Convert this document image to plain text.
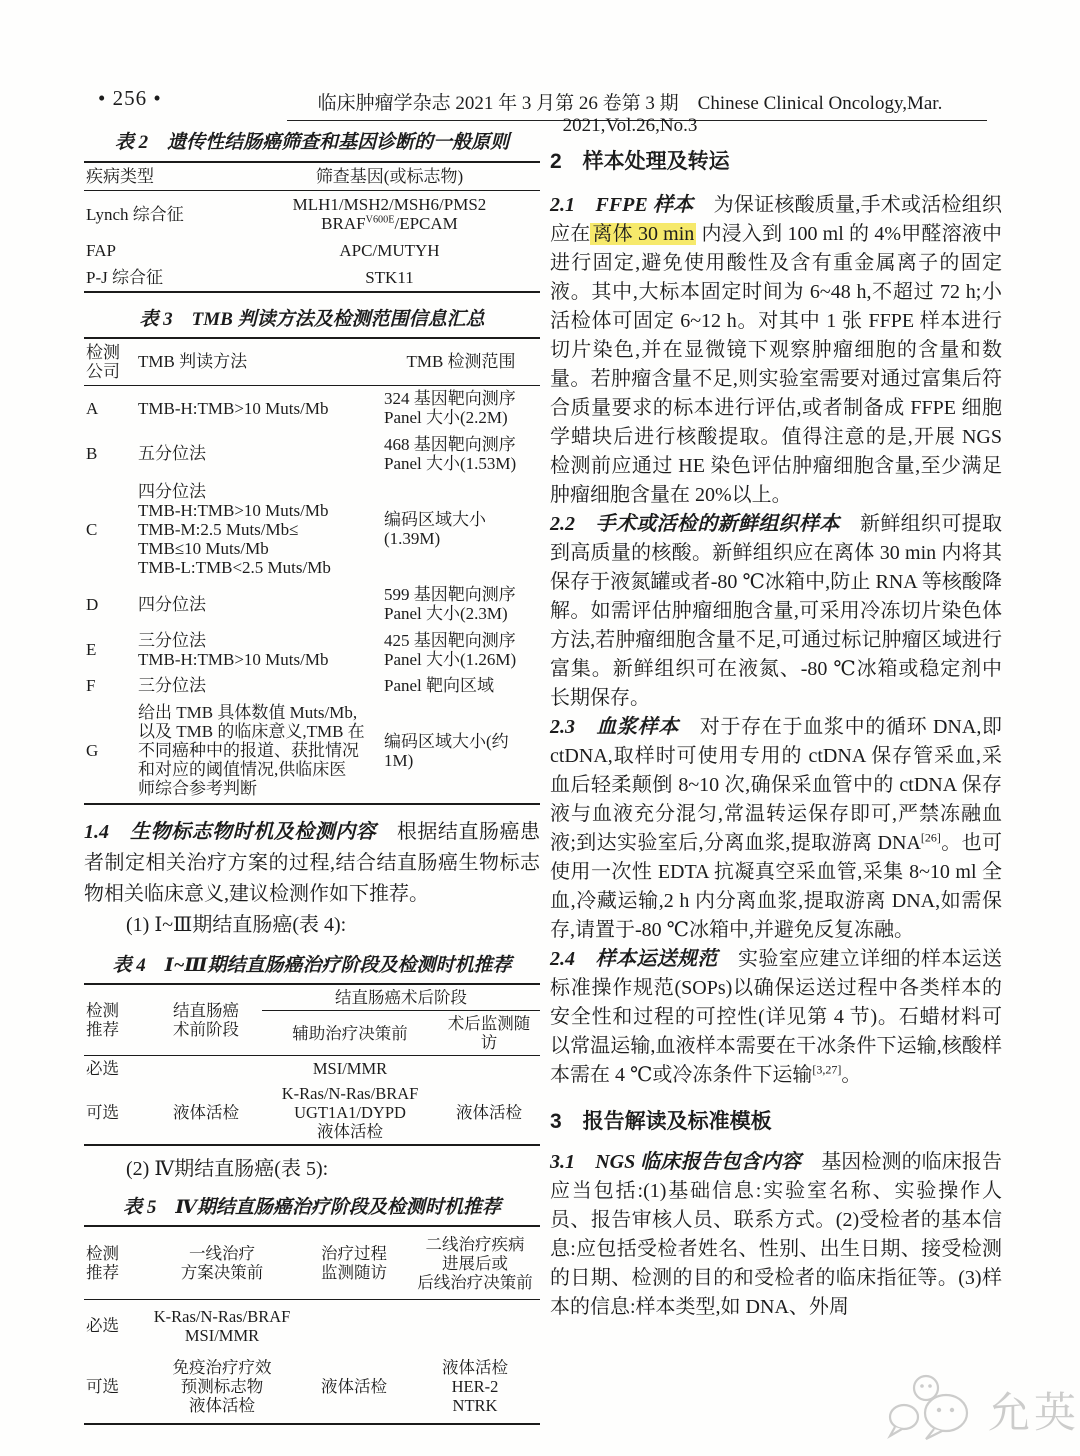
• 256 •	临床肿瘤学杂志 2021 年 3 月第 26 卷第 3 期　Chinese Clinical Oncology,Mar. 2021,Vol.26,No.3

表 2　遗传性结肠癌筛查和基因诊断的一般原则

疾病类型	筛查基因(或标志物)
Lynch 综合征	MLH1/MSH2/MSH6/PMS2
$BRAF^{V600E}$/EPCAM
FAP	APC/MUTYH
P-J 综合征	STK11

表 3　TMB 判读方法及检测范围信息汇总

检测
公司	TMB 判读方法	TMB 检测范围
A	TMB-H:TMB>10 Muts/Mb	324 基因靶向测序
Panel 大小(2.2M)
B	五分位法	468 基因靶向测序
Panel 大小(1.53M)
C	四分位法
TMB-H:TMB>10 Muts/Mb
TMB-M:2.5 Muts/Mb≤
TMB≤10 Muts/Mb
TMB-L:TMB<2.5 Muts/Mb	编码区域大小
(1.39M)
D	四分位法	599 基因靶向测序
Panel 大小(2.3M)
E	三分位法
TMB-H:TMB>10 Muts/Mb	425 基因靶向测序
Panel 大小(1.26M)
F	三分位法	Panel 靶向区域
G	给出 TMB 具体数值 Muts/Mb,
以及 TMB 的临床意义,TMB 在
不同癌种中的报道、获批情况
和对应的阈值情况,供临床医
师综合参考判断	编码区域大小(约 1M)

1.4　生物标志物时机及检测内容　根据结直肠癌患者制定相关治疗方案的过程,结合结直肠癌生物标志物相关临床意义,建议检测作如下推荐。

(1) Ⅰ~Ⅲ期结直肠癌(表 4):

表 4　Ⅰ~Ⅲ期结直肠癌治疗阶段及检测时机推荐

检测
推荐	结直肠癌
术前阶段	结直肠癌术后阶段	
		辅助治疗决策前	术后监测随访
必选		MSI/MMR	
可选	液体活检	K-Ras/N-Ras/BRAF
UGT1A1/DYPD
液体活检	液体活检

(2) Ⅳ期结直肠癌(表 5):

表 5　Ⅳ期结直肠癌治疗阶段及检测时机推荐

检测
推荐	一线治疗
方案决策前	治疗过程
监测随访	二线治疗疾病
进展后或
后线治疗决策前
必选	K-Ras/N-Ras/BRAF
MSI/MMR		
可选	免疫治疗疗效
预测标志物
液体活检	液体活检	液体活检
HER-2
NTRK
2　样本处理及转运

2.1　FFPE 样本　为保证核酸质量,手术或活检组织应在 离体 30 min 内浸入到 100 ml 的 4%甲醛溶液中进行固定,避免使用酸性及含有重金属离子的固定液。其中,大标本固定时间为 6~48 h,不超过 72 h;小活检体可固定 6~12 h。对其中 1 张 FFPE 样本进行切片染色,并在显微镜下观察肿瘤细胞的含量和数量。若肿瘤含量不足,则实验室需要对通过富集后符合质量要求的标本进行评估,或者制备成 FFPE 细胞学蜡块后进行核酸提取。值得注意的是,开展 NGS 检测前应通过 HE 染色评估肿瘤细胞含量,至少满足肿瘤细胞含量在 20%以上。

2.2　手术或活检的新鲜组织样本　新鲜组织可提取到高质量的核酸。新鲜组织应在离体 30 min 内将其保存于液氮罐或者-80 ℃冰箱中,防止 RNA 等核酸降解。如需评估肿瘤细胞含量,可采用冷冻切片染色体方法,若肿瘤细胞含量不足,可通过标记肿瘤区域进行富集。新鲜组织可在液氮、-80 ℃冰箱或稳定剂中长期保存。

2.3　血浆样本　对于存在于血浆中的循环 DNA,即 ctDNA,取样时可使用专用的 ctDNA 保存管采血,采血后轻柔颠倒 8~10 次,确保采血管中的 ctDNA 保存液与血液充分混匀,常温转运保存即可,严禁冻融血液;到达实验室后,分离血浆,提取游离 DNA[26]。也可使用一次性 EDTA 抗凝真空采血管,采集 8~10 ml 全血,冷藏运输,2 h 内分离血浆,提取游离 DNA,如需保存,请置于-80 ℃冰箱中,并避免反复冻融。

2.4　样本运送规范　实验室应建立详细的样本运送标准操作规范(SOPs)以确保运送过程中各类样本的安全性和过程的可控性(详见第 4 节)。石蜡材料可以常温运输,血液样本需要在干冰条件下运输,核酸样本需在 4 ℃或冷冻条件下运输[3,27]。

3　报告解读及标准模板

3.1　NGS 临床报告包含内容　基因检测的临床报告应当包括:(1)基础信息:实验室名称、实验操作人员、报告审核人员、联系方式。(2)受检者的基本信息:应包括受检者姓名、性别、出生日期、接受检测的日期、检测的目的和受检者的临床指征等。(3)样本的信息:样本类型,如 DNA、外周

允英
